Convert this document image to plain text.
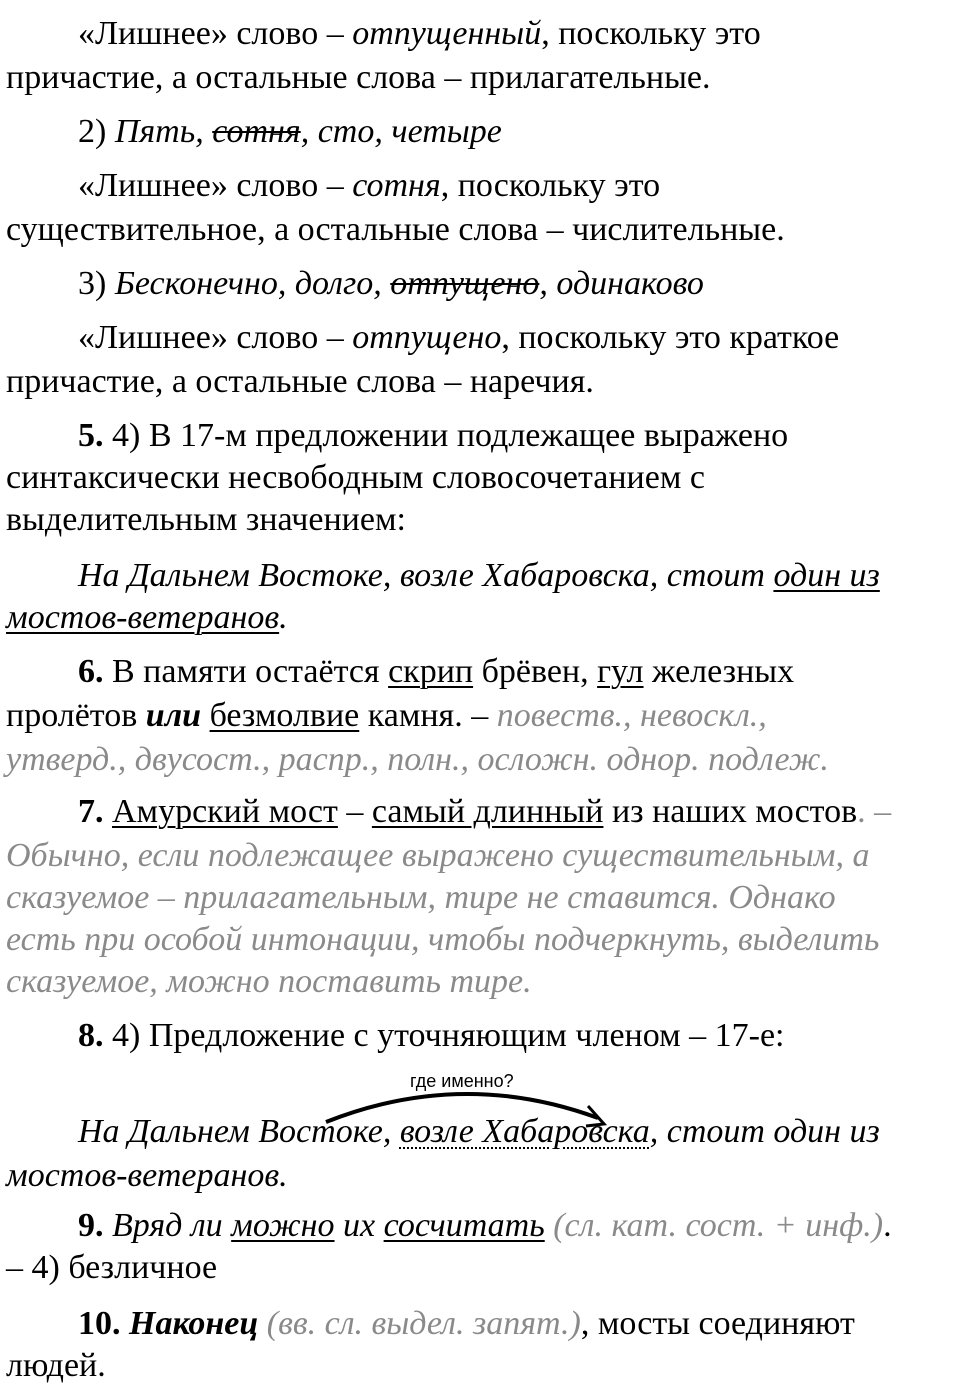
«Лишнее» слово – отпущенный, поскольку это
причастие, а остальные слова – прилагательные.
2) Пять, сотня, сто, четыре
«Лишнее» слово – сотня, поскольку это
существительное, а остальные слова – числительные.
3) Бесконечно, долго, отпущено, одинаково
«Лишнее» слово – отпущено, поскольку это краткое
причастие, а остальные слова – наречия.
5. 4) В 17-м предложении подлежащее выражено
синтаксически несвободным словосочетанием с
выделительным значением:
На Дальнем Востоке, возле Хабаровска, стоит один из
мостов-ветеранов.
6. В памяти остаётся скрип брёвен, гул железных
пролётов или безмолвие камня. – повеств., невоскл.,
утверд., двусост., распр., полн., осложн. однор. подлеж.
7. Амурский мост – самый длинный из наших мостов. –
Обычно, если подлежащее выражено существительным, а
сказуемое – прилагательным, тире не ставится. Однако
есть при особой интонации, чтобы подчеркнуть, выделить
сказуемое, можно поставить тире.
8. 4) Предложение с уточняющим членом – 17-е:
где именно?
На Дальнем Востоке, возле Хабаровска, стоит один из
мостов-ветеранов.
9. Вряд ли можно их сосчитать (сл. кат. сост. + инф.).
– 4) безличное
10. Наконец (вв. сл. выдел. запят.), мосты соединяют
людей.
